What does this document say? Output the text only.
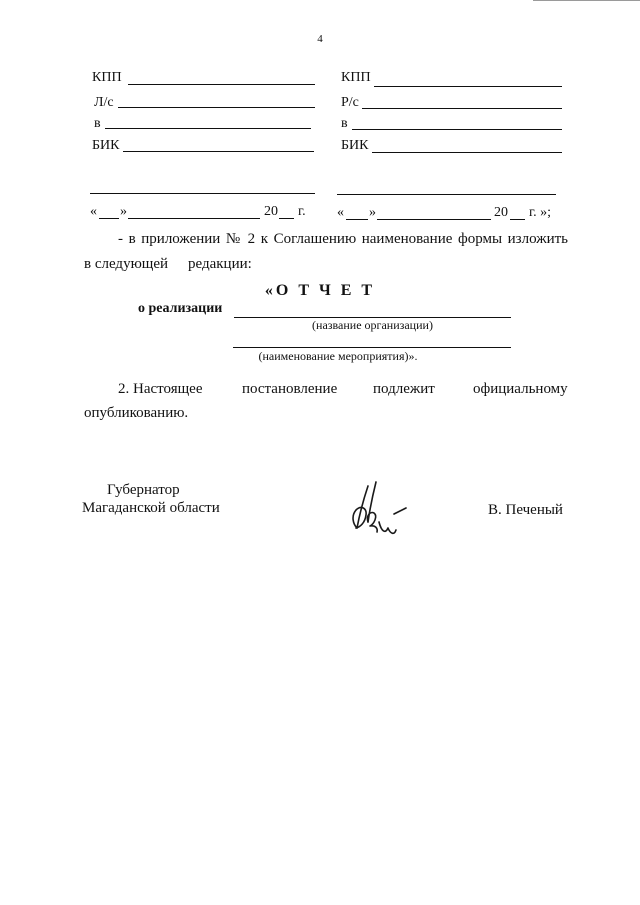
4
КПП
Л/с
в
БИК
КПП
Р/с
в
БИК
« »	20 г. « »	20 г. »;
- в приложении № 2 к Соглашению наименование формы изложить
в следующей редакции:
«О Т Ч Е Т
о реализации
(название организации)
(наименование мероприятия)».
2. Настоящее	постановление подлежит	официальному
опубликованию.
Губернатор
Магаданской области	В. Печеный
